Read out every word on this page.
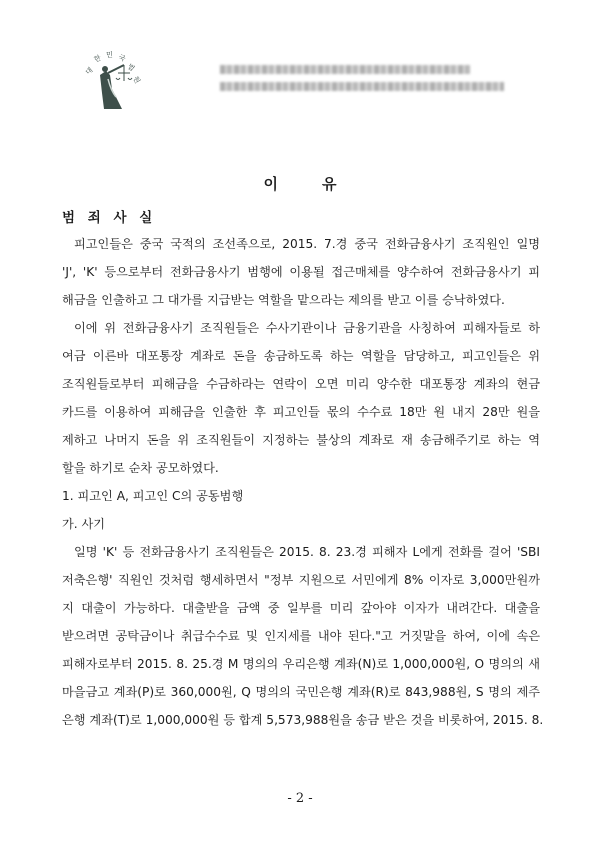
대
한 민 국
법
원
이	유
범 죄 사 실
피고인들은 중국 국적의 조선족으로, 2015. 7.경 중국 전화금융사기 조직원인 일명
'J', 'K' 등으로부터 전화금융사기 범행에 이용될 접근매체를 양수하여 전화금융사기 피
해금을 인출하고 그 대가를 지급받는 역할을 맡으라는 제의를 받고 이를 승낙하였다.
이에 위 전화금융사기 조직원들은 수사기관이나 금융기관을 사칭하여 피해자들로 하
여금 이른바 대포통장 계좌로 돈을 송금하도록 하는 역할을 담당하고, 피고인들은 위
조직원들로부터 피해금을 수금하라는 연락이 오면 미리 양수한 대포통장 계좌의 현금
카드를 이용하여 피해금을 인출한 후 피고인들 몫의 수수료 18만 원 내지 28만 원을
제하고 나머지 돈을 위 조직원들이 지정하는 불상의 계좌로 재 송금해주기로 하는 역
할을 하기로 순차 공모하였다.
1. 피고인 A, 피고인 C의 공동범행
가. 사기
일명 'K' 등 전화금융사기 조직원들은 2015. 8. 23.경 피해자 L에게 전화를 걸어 'SBI
저축은행' 직원인 것처럼 행세하면서 "정부 지원으로 서민에게 8% 이자로 3,000만원까
지 대출이 가능하다. 대출받을 금액 중 일부를 미리 갚아야 이자가 내려간다. 대출을
받으려면 공탁금이나 취급수수료 및 인지세를 내야 된다."고 거짓말을 하여, 이에 속은
피해자로부터 2015. 8. 25.경 M 명의의 우리은행 계좌(N)로 1,000,000원, O 명의의 새
마을금고 계좌(P)로 360,000원, Q 명의의 국민은행 계좌(R)로 843,988원, S 명의 제주
은행 계좌(T)로 1,000,000원 등 합계 5,573,988원을 송금 받은 것을 비롯하여, 2015. 8.
- 2 -
